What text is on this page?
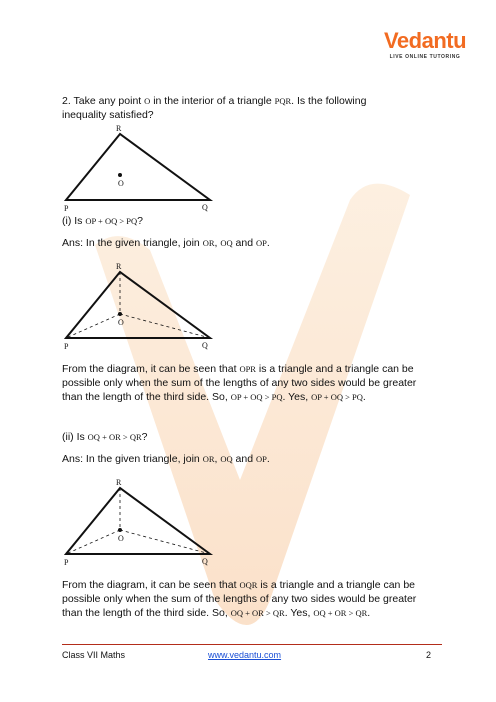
Vedantu
LIVE ONLINE TUTORING
2. Take any point O in the interior of a triangle PQR. Is the following
inequality satisfied?
R
O
P	Q
(i) Is OP + OQ > PQ?
Ans: In the given triangle, join OR, OQ and OP.
R
O
P	Q
From the diagram, it can be seen that OPR is a triangle and a triangle can be
possible only when the sum of the lengths of any two sides would be greater
than the length of the third side. So, OP + OQ > PQ. Yes, OP + OQ > PQ.
(ii) Is OQ + OR > QR?
Ans: In the given triangle, join OR, OQ and OP.
R
O
P	Q
From the diagram, it can be seen that OQR is a triangle and a triangle can be
possible only when the sum of the lengths of any two sides would be greater
than the length of the third side. So, OQ + OR > QR. Yes, OQ + OR > QR.
Class VII Maths	www.vedantu.com	2
